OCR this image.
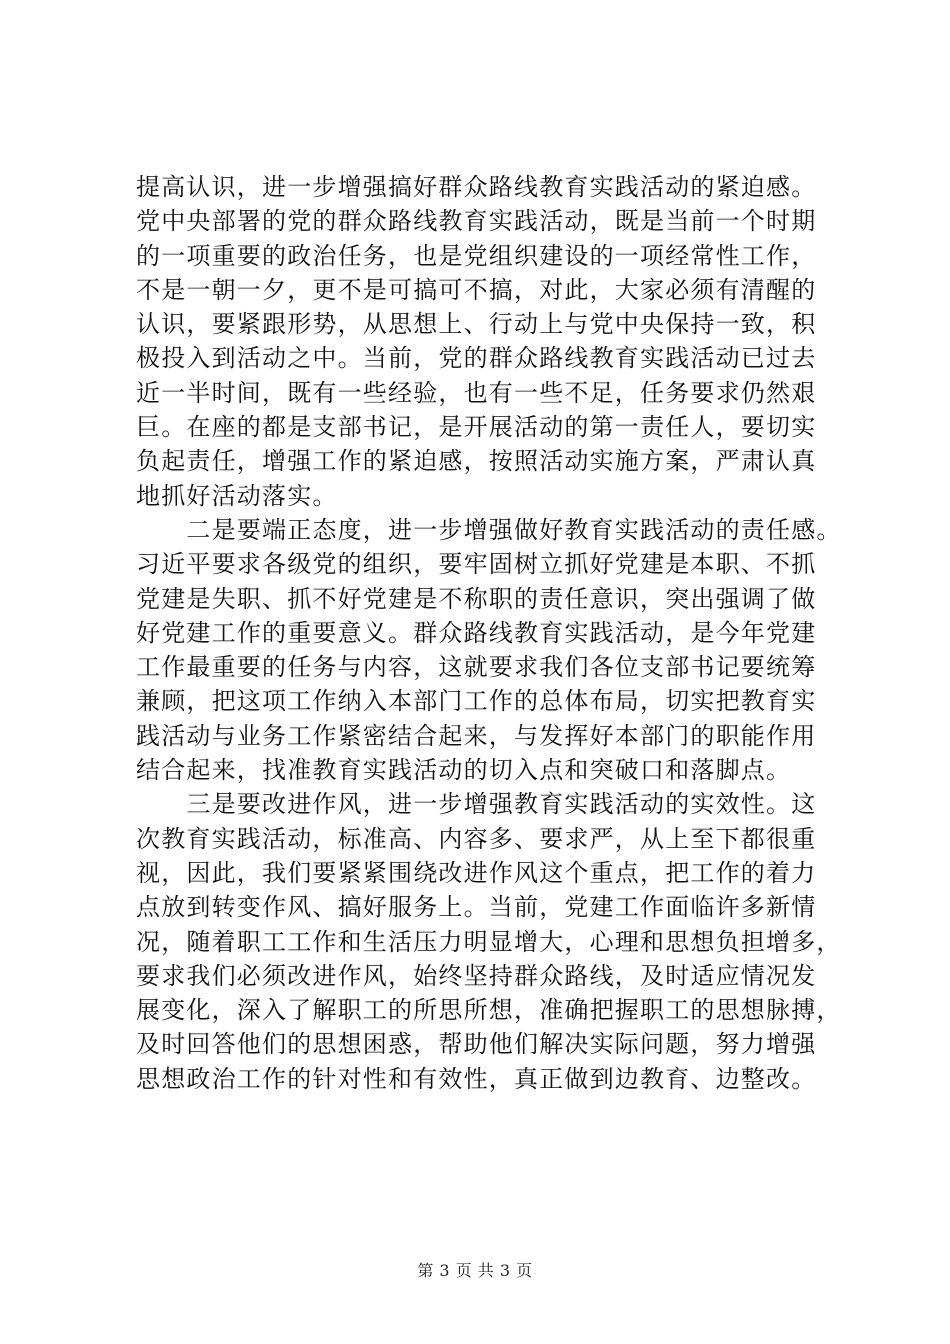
提高认识，进一步增强搞好群众路线教育实践活动的紧迫感。
党中央部署的党的群众路线教育实践活动，既是当前一个时期
的一项重要的政治任务，也是党组织建设的一项经常性工作，
不是一朝一夕，更不是可搞可不搞，对此，大家必须有清醒的
认识，要紧跟形势，从思想上、行动上与党中央保持一致，积
极投入到活动之中。当前，党的群众路线教育实践活动已过去
近一半时间，既有一些经验，也有一些不足，任务要求仍然艰
巨。在座的都是支部书记，是开展活动的第一责任人，要切实
负起责任，增强工作的紧迫感，按照活动实施方案，严肃认真
地抓好活动落实。
　　二是要端正态度，进一步增强做好教育实践活动的责任感。
习近平要求各级党的组织，要牢固树立抓好党建是本职、不抓
党建是失职、抓不好党建是不称职的责任意识，突出强调了做
好党建工作的重要意义。群众路线教育实践活动，是今年党建
工作最重要的任务与内容，这就要求我们各位支部书记要统筹
兼顾，把这项工作纳入本部门工作的总体布局，切实把教育实
践活动与业务工作紧密结合起来，与发挥好本部门的职能作用
结合起来，找准教育实践活动的切入点和突破口和落脚点。
　　三是要改进作风，进一步增强教育实践活动的实效性。这
次教育实践活动，标准高、内容多、要求严，从上至下都很重
视，因此，我们要紧紧围绕改进作风这个重点，把工作的着力
点放到转变作风、搞好服务上。当前，党建工作面临许多新情
况，随着职工工作和生活压力明显增大，心理和思想负担增多，
要求我们必须改进作风，始终坚持群众路线，及时适应情况发
展变化，深入了解职工的所思所想，准确把握职工的思想脉搏，
及时回答他们的思想困惑，帮助他们解决实际问题，努力增强
思想政治工作的针对性和有效性，真正做到边教育、边整改。
第 3 页 共 3 页
